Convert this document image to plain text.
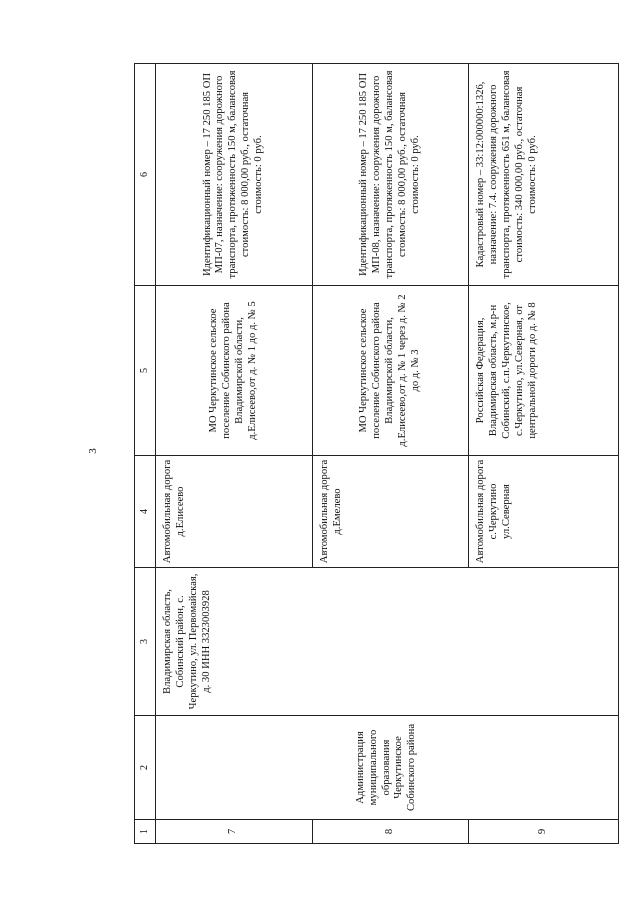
3
1	2	3	4	5	6
7	Администрация муниципального образования Черкутинское Собинского района	Владимирская область, Собинский район, с. Черкутино, ул. Первомайская, д. 30 ИНН 3323003928	Автомобильная дорога д.Елисеево	МО Черкутинское сельское поселение Собинского района Владимирской области, д.Елисеево,от д. № 1 до д. № 5	Идентификационный номер – 17 250 185 ОП МП-07, назначение: сооружения дорожного транспорта, протяженность 150 м, балансовая стоимость: 8 000,00 руб., остаточная стоимость: 0 руб.
8			Автомобильная дорога д.Емелево	МО Черкутинское сельское поселение Собинского района Владимирской области, д.Елисеево,от д. № 1 через д. № 2 до д. № 3	Идентификационный номер – 17 250 185 ОП МП-08, назначение: сооружения дорожного транспорта, протяженность 150 м, балансовая стоимость: 8 000,00 руб., остаточная стоимость: 0 руб.
9			Автомобильная дорога с.Черкутино ул.Северная	Российская Федерация, Владимирская область, м.р-н Собинский, с.п.Черкутинское, с.Черкутино, ул.Северная, от центральной дороги до д. № 8	Кадастровый номер – 33:12:000000:1326, назначение: 7.4. сооружения дорожного транспорта, протяженность 651 м, балансовая стоимость: 340 000,00 руб., остаточная стоимость: 0 руб.
